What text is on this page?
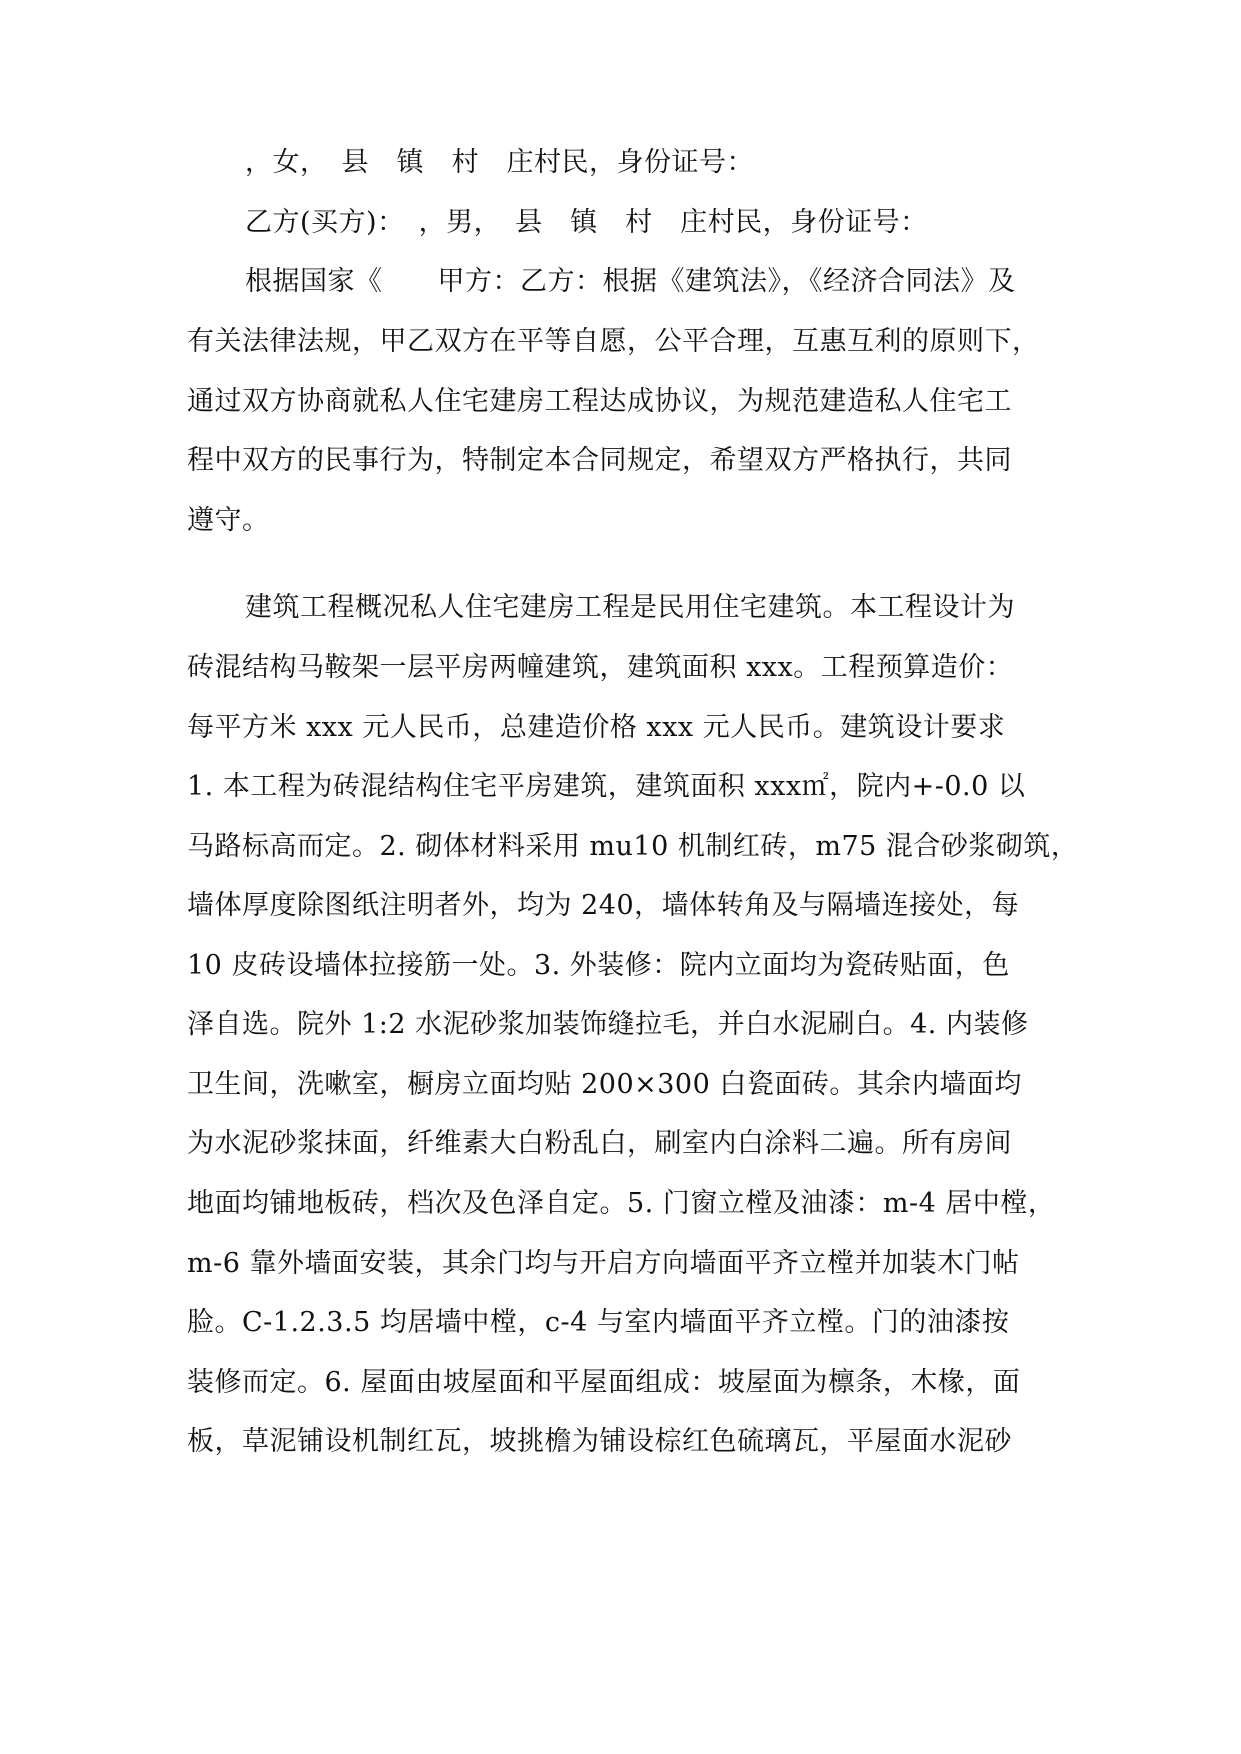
，女，　县　镇　村　庄村民，身份证号：
乙方(买方)：　，男，　县　镇　村　庄村民，身份证号：
根据国家《　　甲方：乙方：根据《建筑法》，《经济合同法》及
有关法律法规，甲乙双方在平等自愿，公平合理，互惠互利的原则下，
通过双方协商就私人住宅建房工程达成协议，为规范建造私人住宅工
程中双方的民事行为，特制定本合同规定，希望双方严格执行，共同
遵守。
建筑工程概况私人住宅建房工程是民用住宅建筑。本工程设计为
砖混结构马鞍架一层平房两幢建筑，建筑面积 xxx。工程预算造价：
每平方米 xxx 元人民币，总建造价格 xxx 元人民币。建筑设计要求
1. 本工程为砖混结构住宅平房建筑，建筑面积 xxx㎡，院内+-0.0 以
马路标高而定。2. 砌体材料采用 mu10 机制红砖，m75 混合砂浆砌筑，
墙体厚度除图纸注明者外，均为 240，墙体转角及与隔墙连接处，每
10 皮砖设墙体拉接筋一处。3. 外装修：院内立面均为瓷砖贴面，色
泽自选。院外 1:2 水泥砂浆加装饰缝拉毛，并白水泥刷白。4. 内装修
卫生间，洗嗽室，橱房立面均贴 200×300 白瓷面砖。其余内墙面均
为水泥砂浆抹面，纤维素大白粉乱白，刷室内白涂料二遍。所有房间
地面均铺地板砖，档次及色泽自定。5. 门窗立樘及油漆：m-4 居中樘，
m-6 靠外墙面安装，其余门均与开启方向墙面平齐立樘并加装木门帖
脸。C-1.2.3.5 均居墙中樘，c-4 与室内墙面平齐立樘。门的油漆按
装修而定。6. 屋面由坡屋面和平屋面组成：坡屋面为檩条，木椽，面
板，草泥铺设机制红瓦，坡挑檐为铺设棕红色硫璃瓦，平屋面水泥砂
